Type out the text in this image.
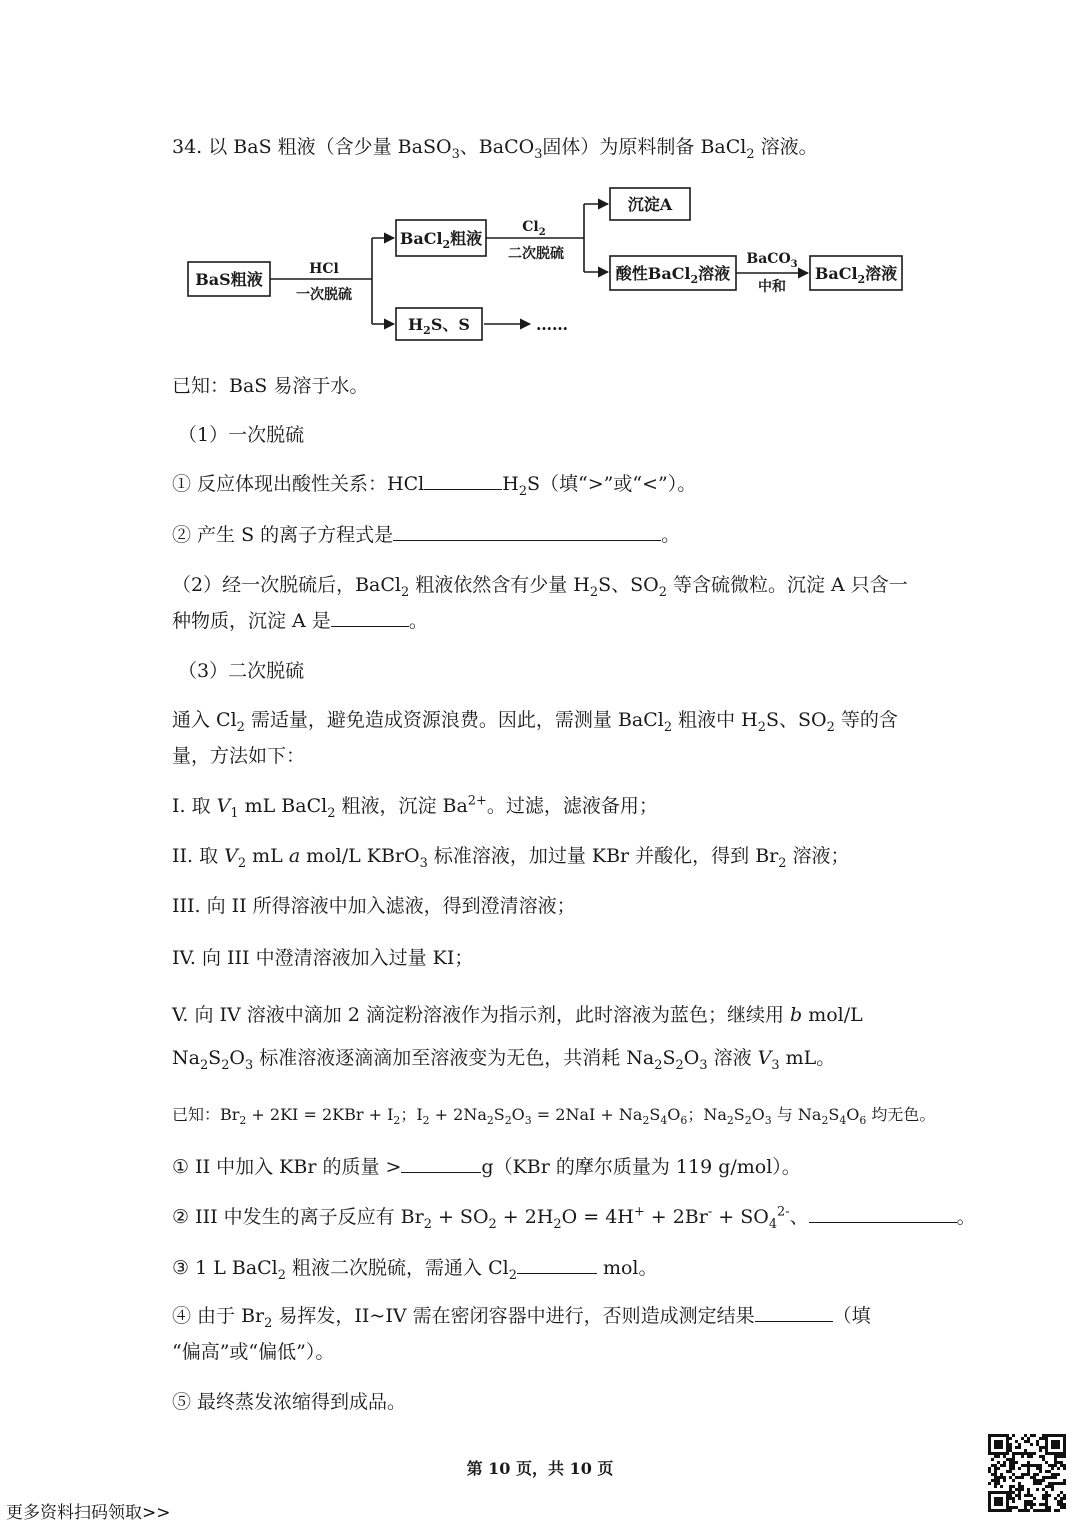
34. 以 BaS 粗液（含少量 BaSO$_3$、BaCO$_3$固体）为原料制备 BaCl$_2$ 溶液。
BaS粗液
HCl
一次脱硫
BaCl$_2$粗液
$H_2S$、S	……
$Cl_2$
二次脱硫
沉淀A
酸性BaCl$_2$溶液
BaCO$_3$
中和
BaCl$_2$溶液
已知：BaS 易溶于水。
（1）一次脱硫
① 反应体现出酸性关系：HCl	$H_2S$（填“>”或“<”）。
② 产生 S 的离子方程式是	。
（2）经一次脱硫后，BaCl$_2$ 粗液依然含有少量 $H_2S$、$SO_2$ 等含硫微粒。沉淀 A 只含一
种物质，沉淀 A 是	。
（3）二次脱硫
通入 $Cl_2$ 需适量，避免造成资源浪费。因此，需测量 BaCl$_2$ 粗液中 $H_2S$、$SO_2$ 等的含
量，方法如下：
I. 取 $V_1$ mL BaCl$_2$ 粗液，沉淀 $Ba^{2+}$。过滤，滤液备用；
II. 取 $V_2$ mL a mol/L KBrO$_3$ 标准溶液，加过量 KBr 并酸化，得到 $Br_2$ 溶液；
III. 向 II 所得溶液中加入滤液，得到澄清溶液；
IV. 向 III 中澄清溶液加入过量 KI；
V. 向 IV 溶液中滴加 2 滴淀粉溶液作为指示剂，此时溶液为蓝色；继续用 b mol/L
$Na_2S_2O_3$ 标准溶液逐滴滴加至溶液变为无色，共消耗 $Na_2S_2O_3$ 溶液 $V_3$ mL。
已知：$Br_2 + 2KI = 2KBr + I_2$；$I_2 + 2Na_2S_2O_3 = 2NaI + Na_2S_4O_6$；$Na_2S_2O_3$ 与 $Na_2S_4O_6$ 均无色。
① II 中加入 KBr 的质量 >	g（KBr 的摩尔质量为 119 g/mol）。
② III 中发生的离子反应有 $Br_2 + SO_2 + 2H_2O = 4H^+ + 2Br^- + SO_4^{2-}$、	。
③ 1 L BaCl$_2$ 粗液二次脱硫，需通入 $Cl_2$	mol。
④ 由于 $Br_2$ 易挥发，II~IV 需在密闭容器中进行，否则造成测定结果	（填
“偏高”或“偏低”）。
⑤ 最终蒸发浓缩得到成品。
第 10 页，共 10 页
更多资料扫码领取>>
